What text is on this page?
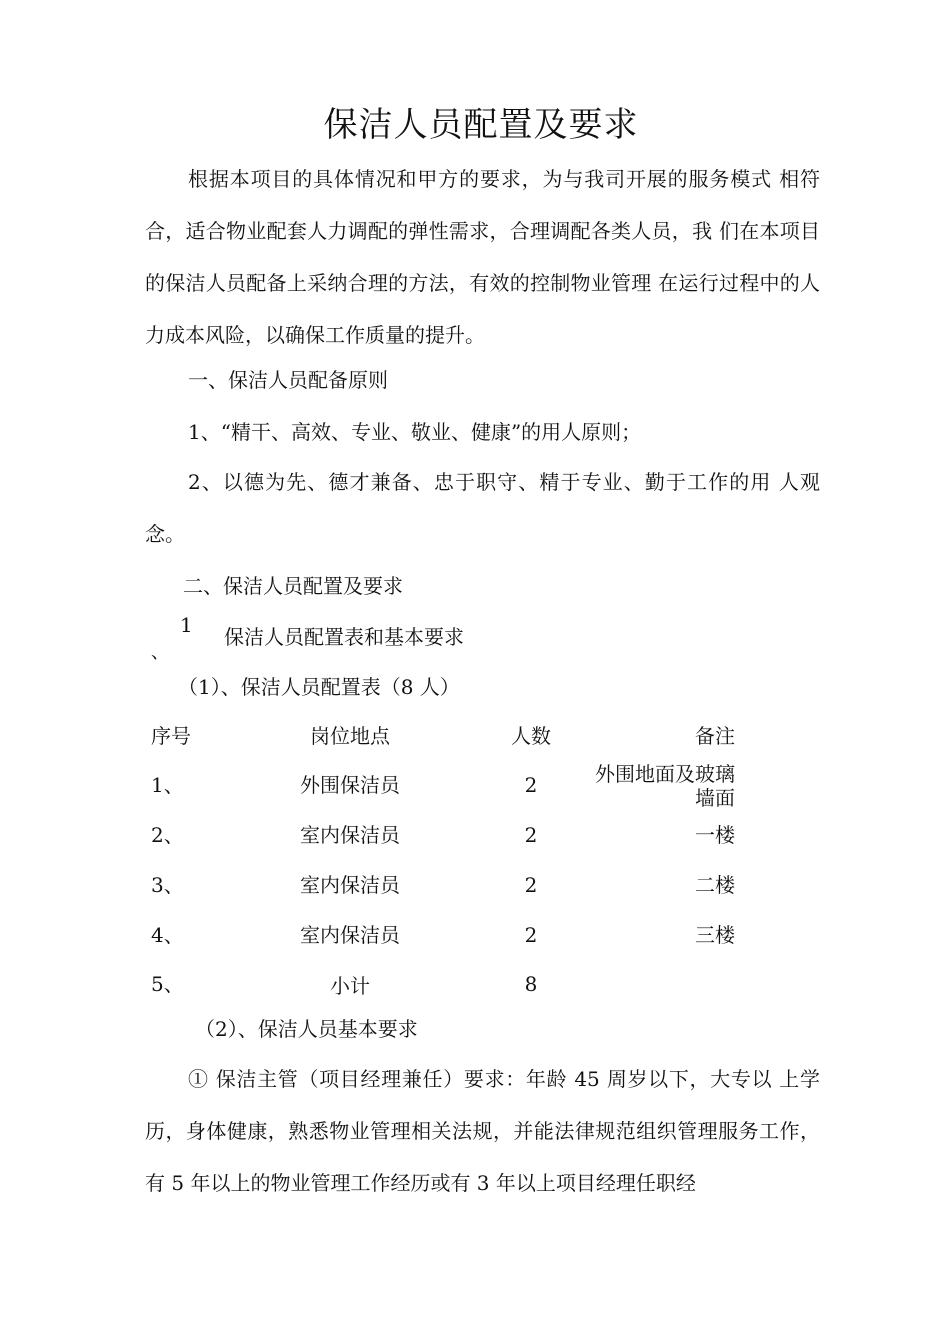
保洁人员配置及要求
根据本项目的具体情况和甲方的要求，为与我司开展的服务模式 相符合，适合物业配套人力调配的弹性需求，合理调配各类人员，我 们在本项目的保洁人员配备上采纳合理的方法，有效的控制物业管理 在运行过程中的人力成本风险，以确保工作质量的提升。
一、保洁人员配备原则
1、“精干、高效、专业、敬业、健康”的用人原则；
2、以德为先、德才兼备、忠于职守、精于专业、勤于工作的用 人观念。
二、保洁人员配置及要求
1
、
保洁人员配置表和基本要求
（1）、保洁人员配置表（8 人）
序号	岗位地点	人数	备注
1、	外围保洁员	2	外围地面及玻璃墙面
2、	室内保洁员	2	一楼
3、	室内保洁员	2	二楼
4、	室内保洁员	2	三楼
5、	小计	8
（2）、保洁人员基本要求
① 保洁主管（项目经理兼任）要求：年龄 45 周岁以下，大专以 上学历，身体健康，熟悉物业管理相关法规，并能法律规范组织管理服务工作，有 5 年以上的物业管理工作经历或有 3 年以上项目经理任职经
